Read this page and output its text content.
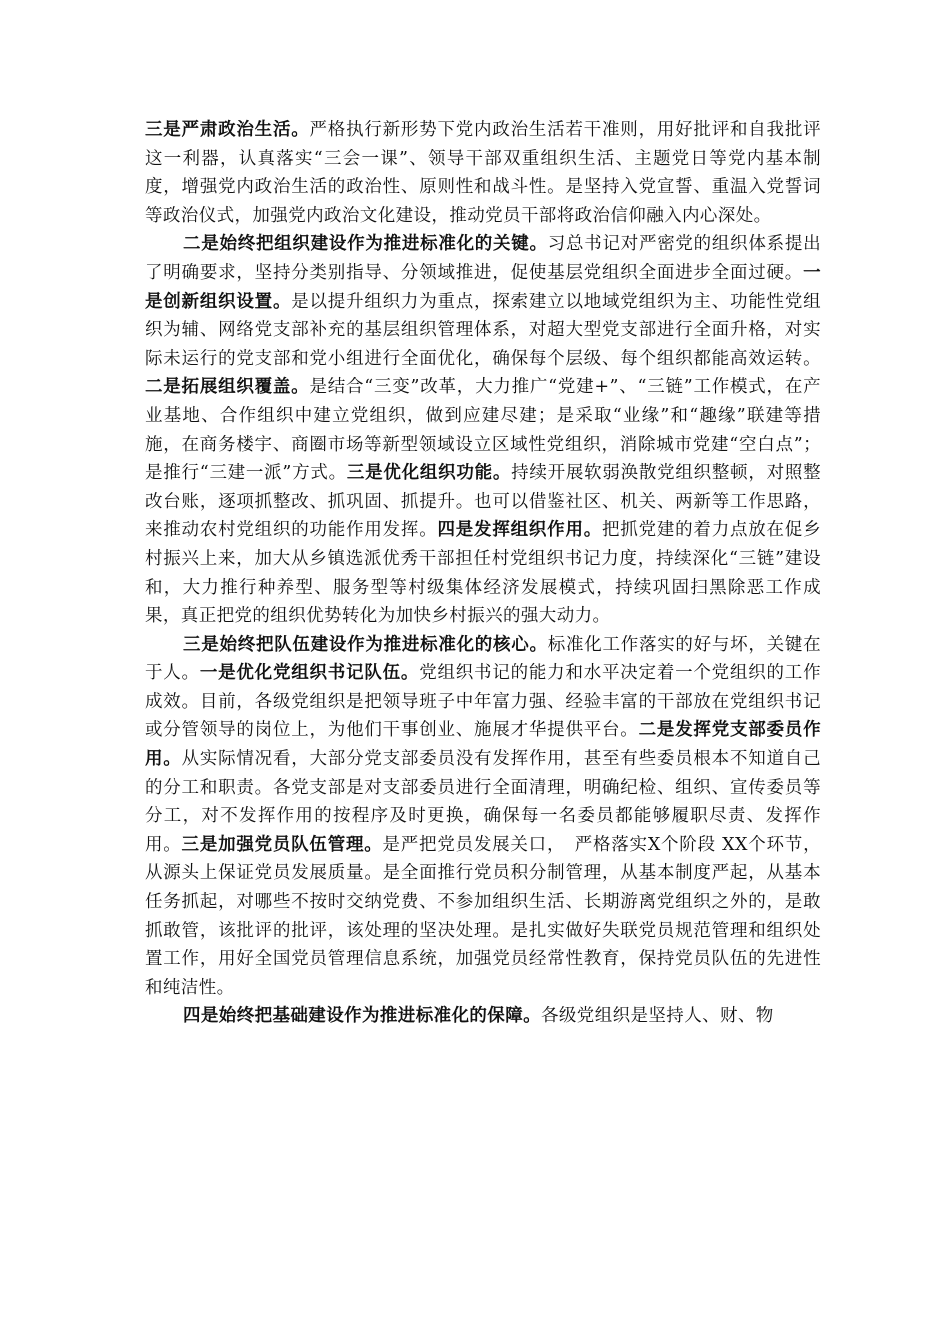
三是严肃政治生活。严格执行新形势下党内政治生活若干准则，用好批评和自我批评这一利器，认真落实“三会一课”、领导干部双重组织生活、主题党日等党内基本制度，增强党内政治生活的政治性、原则性和战斗性。是坚持入党宣誓、重温入党誓词等政治仪式，加强党内政治文化建设，推动党员干部将政治信仰融入内心深处。

二是始终把组织建设作为推进标准化的关键。习总书记对严密党的组织体系提出了明确要求，坚持分类别指导、分领域推进，促使基层党组织全面进步全面过硬。一是创新组织设置。是以提升组织力为重点，探索建立以地域党组织为主、功能性党组织为辅、网络党支部补充的基层组织管理体系，对超大型党支部进行全面升格，对实际未运行的党支部和党小组进行全面优化，确保每个层级、每个组织都能高效运转。二是拓展组织覆盖。是结合“三变”改革，大力推广“党建+”、“三链”工作模式，在产业基地、合作组织中建立党组织，做到应建尽建；是采取“业缘”和“趣缘”联建等措施，在商务楼宇、商圈市场等新型领域设立区域性党组织，消除城市党建“空白点”；是推行“三建一派”方式。三是优化组织功能。持续开展软弱涣散党组织整顿，对照整改台账，逐项抓整改、抓巩固、抓提升。也可以借鉴社区、机关、两新等工作思路，来推动农村党组织的功能作用发挥。四是发挥组织作用。把抓党建的着力点放在促乡村振兴上来，加大从乡镇选派优秀干部担任村党组织书记力度，持续深化“三链”建设和，大力推行种养型、服务型等村级集体经济发展模式，持续巩固扫黑除恶工作成果，真正把党的组织优势转化为加快乡村振兴的强大动力。

三是始终把队伍建设作为推进标准化的核心。标准化工作落实的好与坏，关键在于人。一是优化党组织书记队伍。党组织书记的能力和水平决定着一个党组织的工作成效。目前，各级党组织是把领导班子中年富力强、经验丰富的干部放在党组织书记或分管领导的岗位上，为他们干事创业、施展才华提供平台。二是发挥党支部委员作用。从实际情况看，大部分党支部委员没有发挥作用，甚至有些委员根本不知道自己的分工和职责。各党支部是对支部委员进行全面清理，明确纪检、组织、宣传委员等分工，对不发挥作用的按程序及时更换，确保每一名委员都能够履职尽责、发挥作用。三是加强党员队伍管理。是严把党员发展关口，　严格落实X个阶段 XX个环节，从源头上保证党员发展质量。是全面推行党员积分制管理，从基本制度严起，从基本任务抓起，对哪些不按时交纳党费、不参加组织生活、长期游离党组织之外的，是敢抓敢管，该批评的批评，该处理的坚决处理。是扎实做好失联党员规范管理和组织处置工作，用好全国党员管理信息系统，加强党员经常性教育，保持党员队伍的先进性和纯洁性。

四是始终把基础建设作为推进标准化的保障。各级党组织是坚持人、财、物
